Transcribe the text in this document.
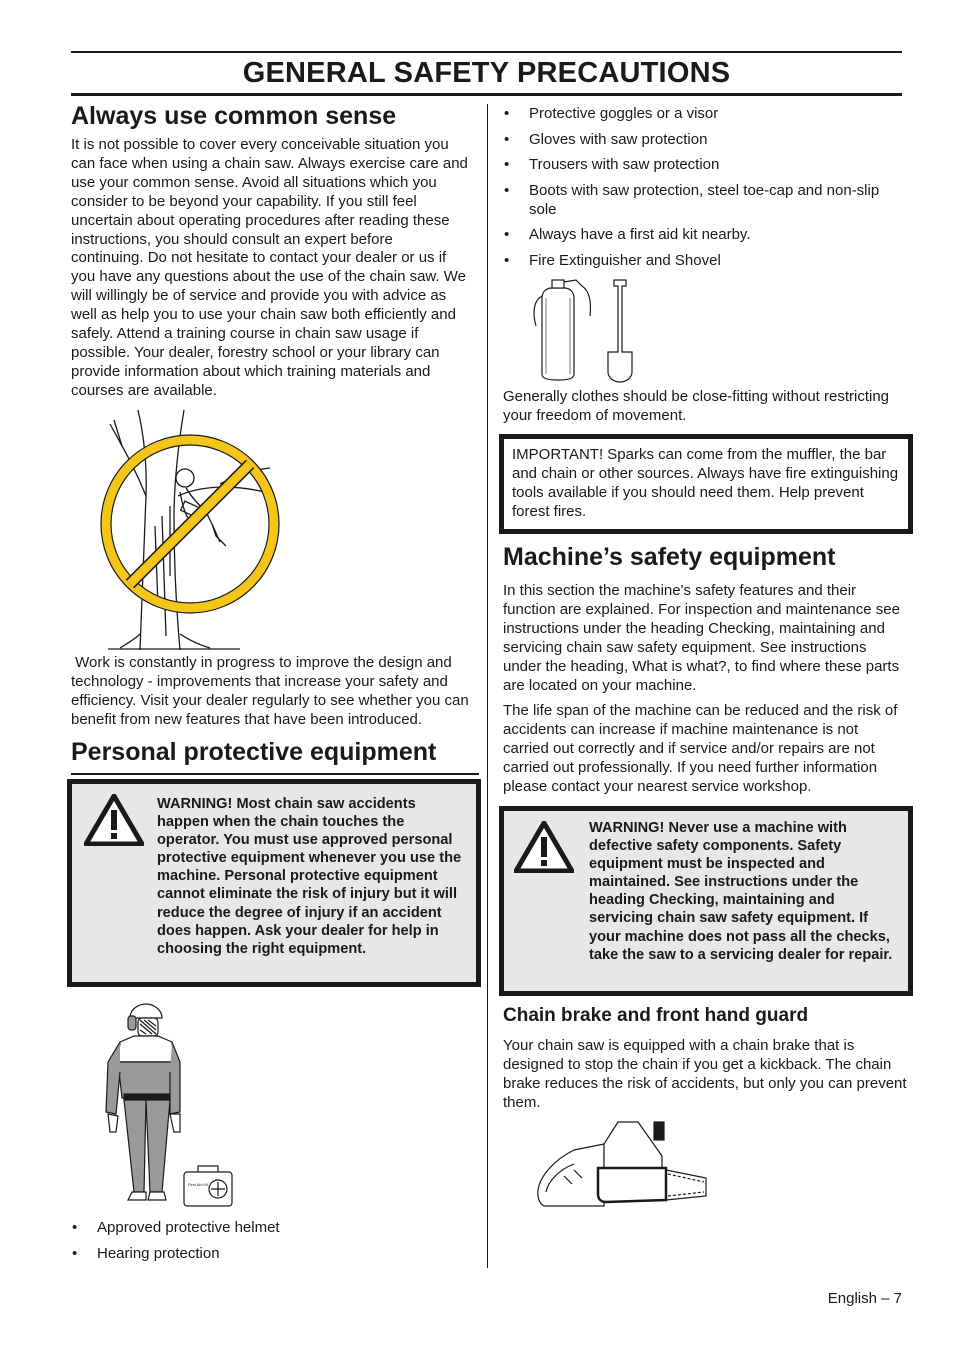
GENERAL SAFETY PRECAUTIONS
Always use common sense

It is not possible to cover every conceivable situation you can face when using a chain saw. Always exercise care and use your common sense. Avoid all situations which you consider to be beyond your capability. If you still feel uncertain about operating procedures after reading these instructions, you should consult an expert before continuing. Do not hesitate to contact your dealer or us if you have any questions about the use of the chain saw. We will willingly be of service and provide you with advice as well as help you to use your chain saw both efficiently and safely. Attend a training course in chain saw usage if possible. Your dealer, forestry school or your library can provide information about which training materials and courses are available.

Work is constantly in progress to improve the design and technology - improvements that increase your safety and efficiency. Visit your dealer regularly to see whether you can benefit from new features that have been introduced.

Personal protective equipment
WARNING! Most chain saw accidents happen when the chain touches the operator. You must use approved personal protective equipment whenever you use the machine. Personal protective equipment cannot eliminate the risk of injury but it will reduce the degree of injury if an accident does happen. Ask your dealer for help in choosing the right equipment.
First Aid Kit
• Approved protective helmet
• Hearing protection
• Protective goggles or a visor
• Gloves with saw protection
• Trousers with saw protection
• Boots with saw protection, steel toe-cap and non-slip sole
• Always have a first aid kit nearby.
• Fire Extinguisher and Shovel

Generally clothes should be close-fitting without restricting your freedom of movement.

IMPORTANT! Sparks can come from the muffler, the bar and chain or other sources. Always have fire extinguishing tools available if you should need them. Help prevent forest fires.
Machine’s safety equipment

In this section the machine's safety features and their function are explained. For inspection and maintenance see instructions under the heading Checking, maintaining and servicing chain saw safety equipment. See instructions under the heading, What is what?, to find where these parts are located on your machine.

The life span of the machine can be reduced and the risk of accidents can increase if machine maintenance is not carried out correctly and if service and/or repairs are not carried out professionally. If you need further information please contact your nearest service workshop.

WARNING! Never use a machine with defective safety components. Safety equipment must be inspected and maintained. See instructions under the heading Checking, maintaining and servicing chain saw safety equipment. If your machine does not pass all the checks, take the saw to a servicing dealer for repair.
Chain brake and front hand guard

Your chain saw is equipped with a chain brake that is designed to stop the chain if you get a kickback. The chain brake reduces the risk of accidents, but only you can prevent them.

English – 7
